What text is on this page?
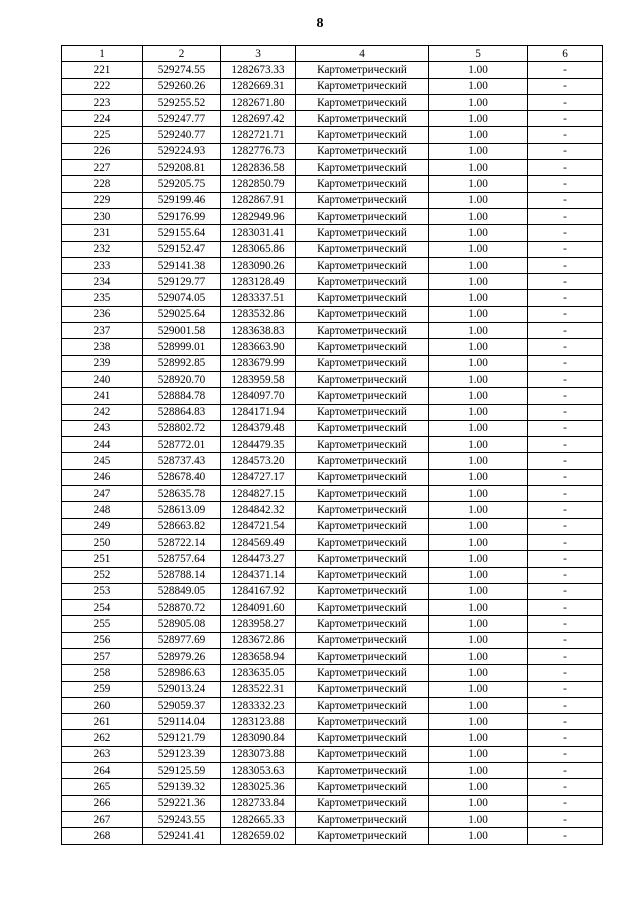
8
1	2	3	4	5	6
221	529274.55	1282673.33	Картометрический	1.00	-
222	529260.26	1282669.31	Картометрический	1.00	-
223	529255.52	1282671.80	Картометрический	1.00	-
224	529247.77	1282697.42	Картометрический	1.00	-
225	529240.77	1282721.71	Картометрический	1.00	-
226	529224.93	1282776.73	Картометрический	1.00	-
227	529208.81	1282836.58	Картометрический	1.00	-
228	529205.75	1282850.79	Картометрический	1.00	-
229	529199.46	1282867.91	Картометрический	1.00	-
230	529176.99	1282949.96	Картометрический	1.00	-
231	529155.64	1283031.41	Картометрический	1.00	-
232	529152.47	1283065.86	Картометрический	1.00	-
233	529141.38	1283090.26	Картометрический	1.00	-
234	529129.77	1283128.49	Картометрический	1.00	-
235	529074.05	1283337.51	Картометрический	1.00	-
236	529025.64	1283532.86	Картометрический	1.00	-
237	529001.58	1283638.83	Картометрический	1.00	-
238	528999.01	1283663.90	Картометрический	1.00	-
239	528992.85	1283679.99	Картометрический	1.00	-
240	528920.70	1283959.58	Картометрический	1.00	-
241	528884.78	1284097.70	Картометрический	1.00	-
242	528864.83	1284171.94	Картометрический	1.00	-
243	528802.72	1284379.48	Картометрический	1.00	-
244	528772.01	1284479.35	Картометрический	1.00	-
245	528737.43	1284573.20	Картометрический	1.00	-
246	528678.40	1284727.17	Картометрический	1.00	-
247	528635.78	1284827.15	Картометрический	1.00	-
248	528613.09	1284842.32	Картометрический	1.00	-
249	528663.82	1284721.54	Картометрический	1.00	-
250	528722.14	1284569.49	Картометрический	1.00	-
251	528757.64	1284473.27	Картометрический	1.00	-
252	528788.14	1284371.14	Картометрический	1.00	-
253	528849.05	1284167.92	Картометрический	1.00	-
254	528870.72	1284091.60	Картометрический	1.00	-
255	528905.08	1283958.27	Картометрический	1.00	-
256	528977.69	1283672.86	Картометрический	1.00	-
257	528979.26	1283658.94	Картометрический	1.00	-
258	528986.63	1283635.05	Картометрический	1.00	-
259	529013.24	1283522.31	Картометрический	1.00	-
260	529059.37	1283332.23	Картометрический	1.00	-
261	529114.04	1283123.88	Картометрический	1.00	-
262	529121.79	1283090.84	Картометрический	1.00	-
263	529123.39	1283073.88	Картометрический	1.00	-
264	529125.59	1283053.63	Картометрический	1.00	-
265	529139.32	1283025.36	Картометрический	1.00	-
266	529221.36	1282733.84	Картометрический	1.00	-
267	529243.55	1282665.33	Картометрический	1.00	-
268	529241.41	1282659.02	Картометрический	1.00	-
